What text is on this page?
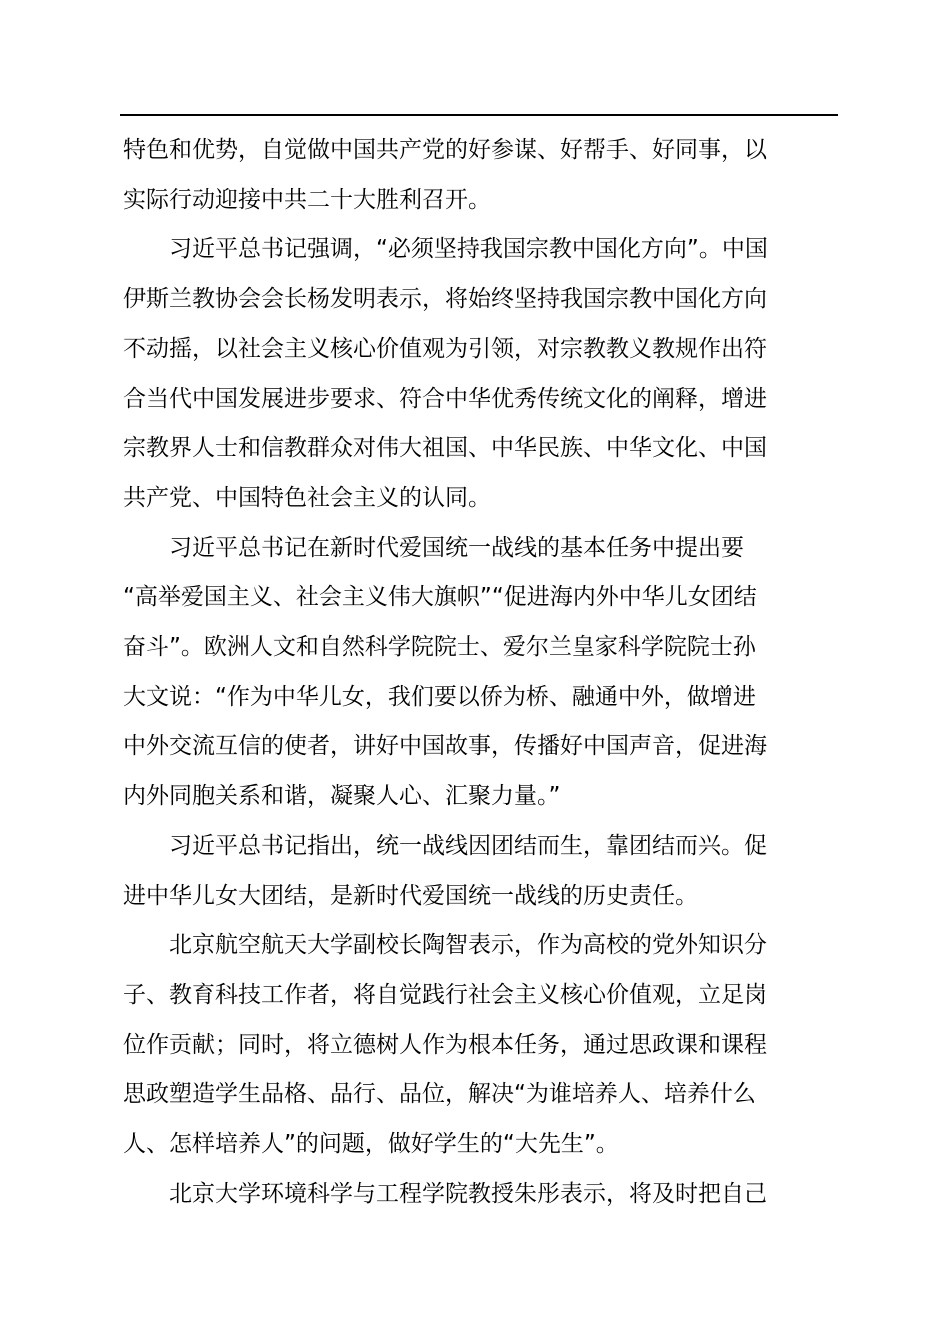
特色和优势，自觉做中国共产党的好参谋、好帮手、好同事，以
实际行动迎接中共二十大胜利召开。

习近平总书记强调，“必须坚持我国宗教中国化方向”。中国
伊斯兰教协会会长杨发明表示，将始终坚持我国宗教中国化方向
不动摇，以社会主义核心价值观为引领，对宗教教义教规作出符
合当代中国发展进步要求、符合中华优秀传统文化的阐释，增进
宗教界人士和信教群众对伟大祖国、中华民族、中华文化、中国
共产党、中国特色社会主义的认同。

习近平总书记在新时代爱国统一战线的基本任务中提出要
“高举爱国主义、社会主义伟大旗帜”“促进海内外中华儿女团结
奋斗”。欧洲人文和自然科学院院士、爱尔兰皇家科学院院士孙
大文说：“作为中华儿女，我们要以侨为桥、融通中外，做增进
中外交流互信的使者，讲好中国故事，传播好中国声音，促进海
内外同胞关系和谐，凝聚人心、汇聚力量。”

习近平总书记指出，统一战线因团结而生，靠团结而兴。促
进中华儿女大团结，是新时代爱国统一战线的历史责任。

北京航空航天大学副校长陶智表示，作为高校的党外知识分
子、教育科技工作者，将自觉践行社会主义核心价值观，立足岗
位作贡献；同时，将立德树人作为根本任务，通过思政课和课程
思政塑造学生品格、品行、品位，解决“为谁培养人、培养什么
人、怎样培养人”的问题，做好学生的“大先生”。

北京大学环境科学与工程学院教授朱彤表示，将及时把自己
